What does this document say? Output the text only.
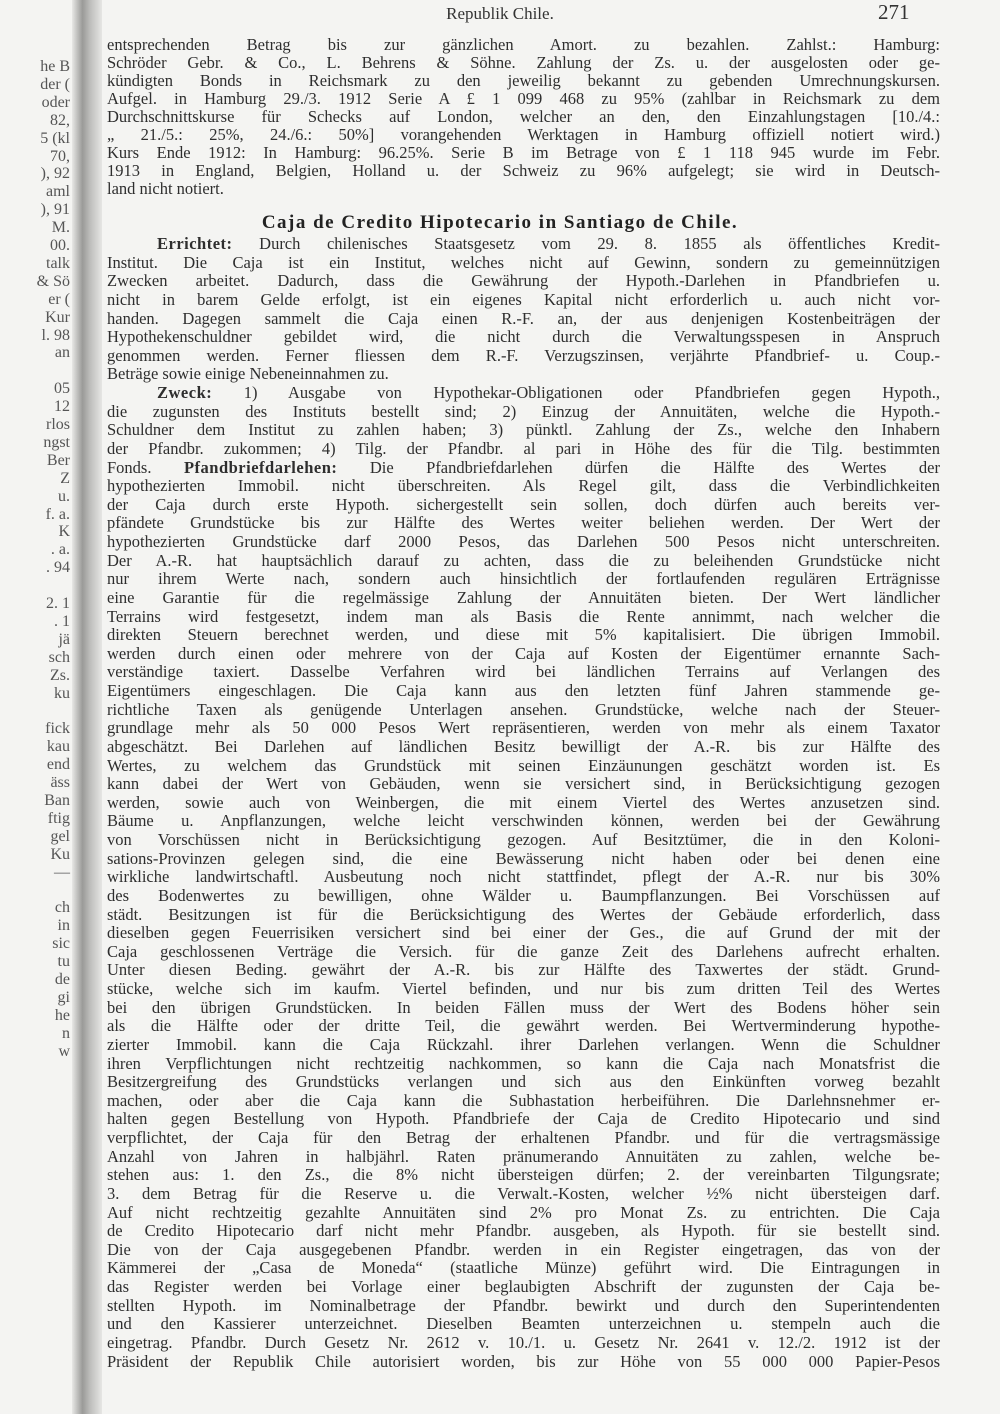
he B
der (
oder
82,
5 (kl
70,
), 92
aml
), 91
M.
00.
talk
& Sö
er (
Kur
l. 98
an
05
12
rlos
ngst
Ber
Z
u.
f. a.
K
. a.
. 94
2. 1
. 1
jä
sch
Zs.
ku
fick
kau
end
äss
Ban
ftig
gel
Ku
—
ch
in
sic
tu
de
gi
he
n
w
Republik Chile.	271
entsprechenden Betrag bis zur gänzlichen Amort. zu bezahlen. Zahlst.: Hamburg:
Schröder Gebr. & Co., L. Behrens & Söhne. Zahlung der Zs. u. der ausgelosten oder ge-
kündigten Bonds in Reichsmark zu den jeweilig bekannt zu gebenden Umrechnungskursen.
Aufgel. in Hamburg 29./3. 1912 Serie A £ 1 099 468 zu 95% (zahlbar in Reichsmark zu dem
Durchschnittskurse für Schecks auf London, welcher an den, den Einzahlungstagen [10./4.:
„ 21./5.: 25%, 24./6.: 50%] vorangehenden Werktagen in Hamburg offiziell notiert wird.)
Kurs Ende 1912: In Hamburg: 96.25%. Serie B im Betrage von £ 1 118 945 wurde im Febr.
1913 in England, Belgien, Holland u. der Schweiz zu 96% aufgelegt; sie wird in Deutsch-
land nicht notiert.
Caja de Credito Hipotecario in Santiago de Chile.
Errichtet: Durch chilenisches Staatsgesetz vom 29. 8. 1855 als öffentliches Kredit-
Institut. Die Caja ist ein Institut, welches nicht auf Gewinn, sondern zu gemeinnützigen
Zwecken arbeitet. Dadurch, dass die Gewährung der Hypoth.-Darlehen in Pfandbriefen u.
nicht in barem Gelde erfolgt, ist ein eigenes Kapital nicht erforderlich u. auch nicht vor-
handen. Dagegen sammelt die Caja einen R.-F. an, der aus denjenigen Kostenbeiträgen der
Hypothekenschuldner gebildet wird, die nicht durch die Verwaltungsspesen in Anspruch
genommen werden. Ferner fliessen dem R.-F. Verzugszinsen, verjährte Pfandbrief- u. Coup.-
Beträge sowie einige Nebeneinnahmen zu.
Zweck: 1) Ausgabe von Hypothekar-Obligationen oder Pfandbriefen gegen Hypoth.,
die zugunsten des Instituts bestellt sind; 2) Einzug der Annuitäten, welche die Hypoth.-
Schuldner dem Institut zu zahlen haben; 3) pünktl. Zahlung der Zs., welche den Inhabern
der Pfandbr. zukommen; 4) Tilg. der Pfandbr. al pari in Höhe des für die Tilg. bestimmten
Fonds. Pfandbriefdarlehen: Die Pfandbriefdarlehen dürfen die Hälfte des Wertes der
hypothezierten Immobil. nicht überschreiten. Als Regel gilt, dass die Verbindlichkeiten
der Caja durch erste Hypoth. sichergestellt sein sollen, doch dürfen auch bereits ver-
pfändete Grundstücke bis zur Hälfte des Wertes weiter beliehen werden. Der Wert der
hypothezierten Grundstücke darf 2000 Pesos, das Darlehen 500 Pesos nicht unterschreiten.
Der A.-R. hat hauptsächlich darauf zu achten, dass die zu beleihenden Grundstücke nicht
nur ihrem Werte nach, sondern auch hinsichtlich der fortlaufenden regulären Erträgnisse
eine Garantie für die regelmässige Zahlung der Annuitäten bieten. Der Wert ländlicher
Terrains wird festgesetzt, indem man als Basis die Rente annimmt, nach welcher die
direkten Steuern berechnet werden, und diese mit 5% kapitalisiert. Die übrigen Immobil.
werden durch einen oder mehrere von der Caja auf Kosten der Eigentümer ernannte Sach-
verständige taxiert. Dasselbe Verfahren wird bei ländlichen Terrains auf Verlangen des
Eigentümers eingeschlagen. Die Caja kann aus den letzten fünf Jahren stammende ge-
richtliche Taxen als genügende Unterlagen ansehen. Grundstücke, welche nach der Steuer-
grundlage mehr als 50 000 Pesos Wert repräsentieren, werden von mehr als einem Taxator
abgeschätzt. Bei Darlehen auf ländlichen Besitz bewilligt der A.-R. bis zur Hälfte des
Wertes, zu welchem das Grundstück mit seinen Einzäunungen geschätzt worden ist. Es
kann dabei der Wert von Gebäuden, wenn sie versichert sind, in Berücksichtigung gezogen
werden, sowie auch von Weinbergen, die mit einem Viertel des Wertes anzusetzen sind.
Bäume u. Anpflanzungen, welche leicht verschwinden können, werden bei der Gewährung
von Vorschüssen nicht in Berücksichtigung gezogen. Auf Besitztümer, die in den Koloni-
sations-Provinzen gelegen sind, die eine Bewässerung nicht haben oder bei denen eine
wirkliche landwirtschaftl. Ausbeutung noch nicht stattfindet, pflegt der A.-R. nur bis 30%
des Bodenwertes zu bewilligen, ohne Wälder u. Baumpflanzungen. Bei Vorschüssen auf
städt. Besitzungen ist für die Berücksichtigung des Wertes der Gebäude erforderlich, dass
dieselben gegen Feuerrisiken versichert sind bei einer der Ges., die auf Grund der mit der
Caja geschlossenen Verträge die Versich. für die ganze Zeit des Darlehens aufrecht erhalten.
Unter diesen Beding. gewährt der A.-R. bis zur Hälfte des Taxwertes der städt. Grund-
stücke, welche sich im kaufm. Viertel befinden, und nur bis zum dritten Teil des Wertes
bei den übrigen Grundstücken. In beiden Fällen muss der Wert des Bodens höher sein
als die Hälfte oder der dritte Teil, die gewährt werden. Bei Wertverminderung hypothe-
zierter Immobil. kann die Caja Rückzahl. ihrer Darlehen verlangen. Wenn die Schuldner
ihren Verpflichtungen nicht rechtzeitig nachkommen, so kann die Caja nach Monatsfrist die
Besitzergreifung des Grundstücks verlangen und sich aus den Einkünften vorweg bezahlt
machen, oder aber die Caja kann die Subhastation herbeiführen. Die Darlehnsnehmer er-
halten gegen Bestellung von Hypoth. Pfandbriefe der Caja de Credito Hipotecario und sind
verpflichtet, der Caja für den Betrag der erhaltenen Pfandbr. und für die vertragsmässige
Anzahl von Jahren in halbjährl. Raten pränumerando Annuitäten zu zahlen, welche be-
stehen aus: 1. den Zs., die 8% nicht übersteigen dürfen; 2. der vereinbarten Tilgungsrate;
3. dem Betrag für die Reserve u. die Verwalt.-Kosten, welcher ½% nicht übersteigen darf.
Auf nicht rechtzeitig gezahlte Annuitäten sind 2% pro Monat Zs. zu entrichten. Die Caja
de Credito Hipotecario darf nicht mehr Pfandbr. ausgeben, als Hypoth. für sie bestellt sind.
Die von der Caja ausgegebenen Pfandbr. werden in ein Register eingetragen, das von der
Kämmerei der „Casa de Moneda“ (staatliche Münze) geführt wird. Die Eintragungen in
das Register werden bei Vorlage einer beglaubigten Abschrift der zugunsten der Caja be-
stellten Hypoth. im Nominalbetrage der Pfandbr. bewirkt und durch den Superintendenten
und den Kassierer unterzeichnet. Dieselben Beamten unterzeichnen u. stempeln auch die
eingetrag. Pfandbr. Durch Gesetz Nr. 2612 v. 10./1. u. Gesetz Nr. 2641 v. 12./2. 1912 ist der
Präsident der Republik Chile autorisiert worden, bis zur Höhe von 55 000 000 Papier-Pesos
